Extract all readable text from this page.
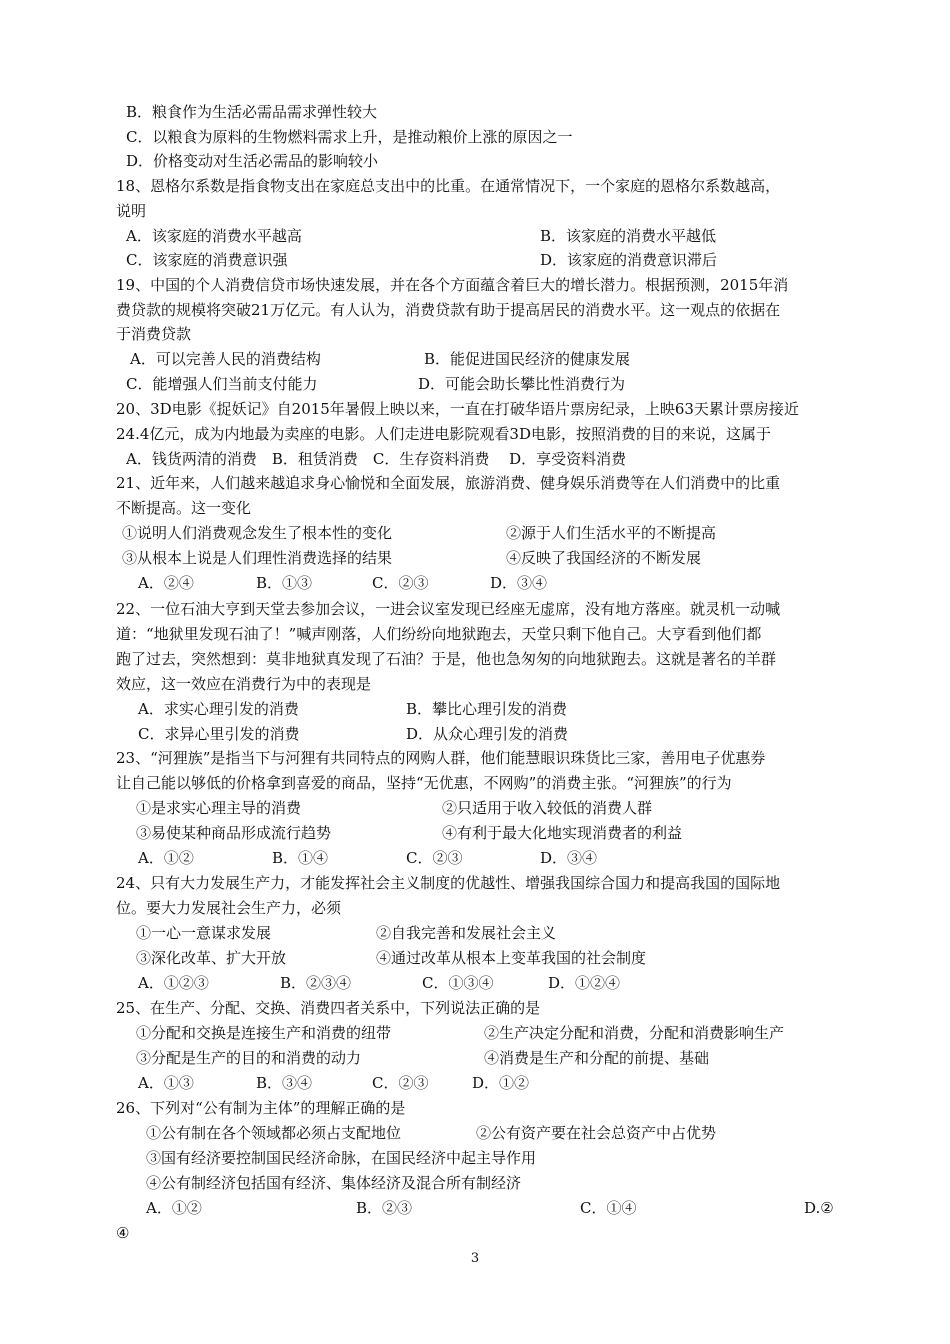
B．粮食作为生活必需品需求弹性较大
C．以粮食为原料的生物燃料需求上升，是推动粮价上涨的原因之一
D．价格变动对生活必需品的影响较小
18、恩格尔系数是指食物支出在家庭总支出中的比重。在通常情况下，一个家庭的恩格尔系数越高，
说明
A．该家庭的消费水平越高	B．该家庭的消费水平越低
C．该家庭的消费意识强	D．该家庭的消费意识滞后
19、中国的个人消费信贷市场快速发展，并在各个方面蕴含着巨大的增长潜力。根据预测，2015年消
费贷款的规模将突破21万亿元。有人认为，消费贷款有助于提高居民的消费水平。这一观点的依据在
于消费贷款
A．可以完善人民的消费结构	B．能促进国民经济的健康发展
C．能增强人们当前支付能力	D．可能会助长攀比性消费行为
20、3D电影《捉妖记》自2015年暑假上映以来，一直在打破华语片票房纪录，上映63天累计票房接近
24.4亿元，成为内地最为卖座的电影。人们走进电影院观看3D电影，按照消费的目的来说，这属于
A．钱货两清的消费　B．租赁消费　C．生存资料消费　 D．享受资料消费
21、近年来，人们越来越追求身心愉悦和全面发展，旅游消费、健身娱乐消费等在人们消费中的比重
不断提高。这一变化
①说明人们消费观念发生了根本性的变化	②源于人们生活水平的不断提高
③从根本上说是人们理性消费选择的结果	④反映了我国经济的不断发展
A．②④	B．①③	C．②③	D．③④
22、一位石油大亨到天堂去参加会议，一进会议室发现已经座无虚席，没有地方落座。就灵机一动喊
道：“地狱里发现石油了！”喊声刚落，人们纷纷向地狱跑去，天堂只剩下他自己。大亨看到他们都
跑了过去，突然想到：莫非地狱真发现了石油？于是，他也急匆匆的向地狱跑去。这就是著名的羊群
效应，这一效应在消费行为中的表现是
A．求实心理引发的消费	B．攀比心理引发的消费
C．求异心里引发的消费	D．从众心理引发的消费
23、“河狸族”是指当下与河狸有共同特点的网购人群，他们能慧眼识珠货比三家，善用电子优惠券
让自己能以够低的价格拿到喜爱的商品，坚持“无优惠，不网购”的消费主张。“河狸族”的行为
①是求实心理主导的消费	②只适用于收入较低的消费人群
③易使某种商品形成流行趋势	④有利于最大化地实现消费者的利益
A．①②	B．①④	C．②③	D．③④
24、只有大力发展生产力，才能发挥社会主义制度的优越性、增强我国综合国力和提高我国的国际地
位。要大力发展社会生产力，必须
①一心一意谋求发展	②自我完善和发展社会主义
③深化改革、扩大开放	④通过改革从根本上变革我国的社会制度
A．①②③	B．②③④	C．①③④	D．①②④
25、在生产、分配、交换、消费四者关系中，下列说法正确的是
①分配和交换是连接生产和消费的纽带	②生产决定分配和消费，分配和消费影响生产
③分配是生产的目的和消费的动力	④消费是生产和分配的前提、基础
A．①③	B．③④	C．②③	D．①②
26、下列对“公有制为主体”的理解正确的是
①公有制在各个领域都必须占支配地位	②公有资产要在社会总资产中占优势
③国有经济要控制国民经济命脉，在国民经济中起主导作用
④公有制经济包括国有经济、集体经济及混合所有制经济
A．①②	B．②③	C．①④	D.②
④
3
